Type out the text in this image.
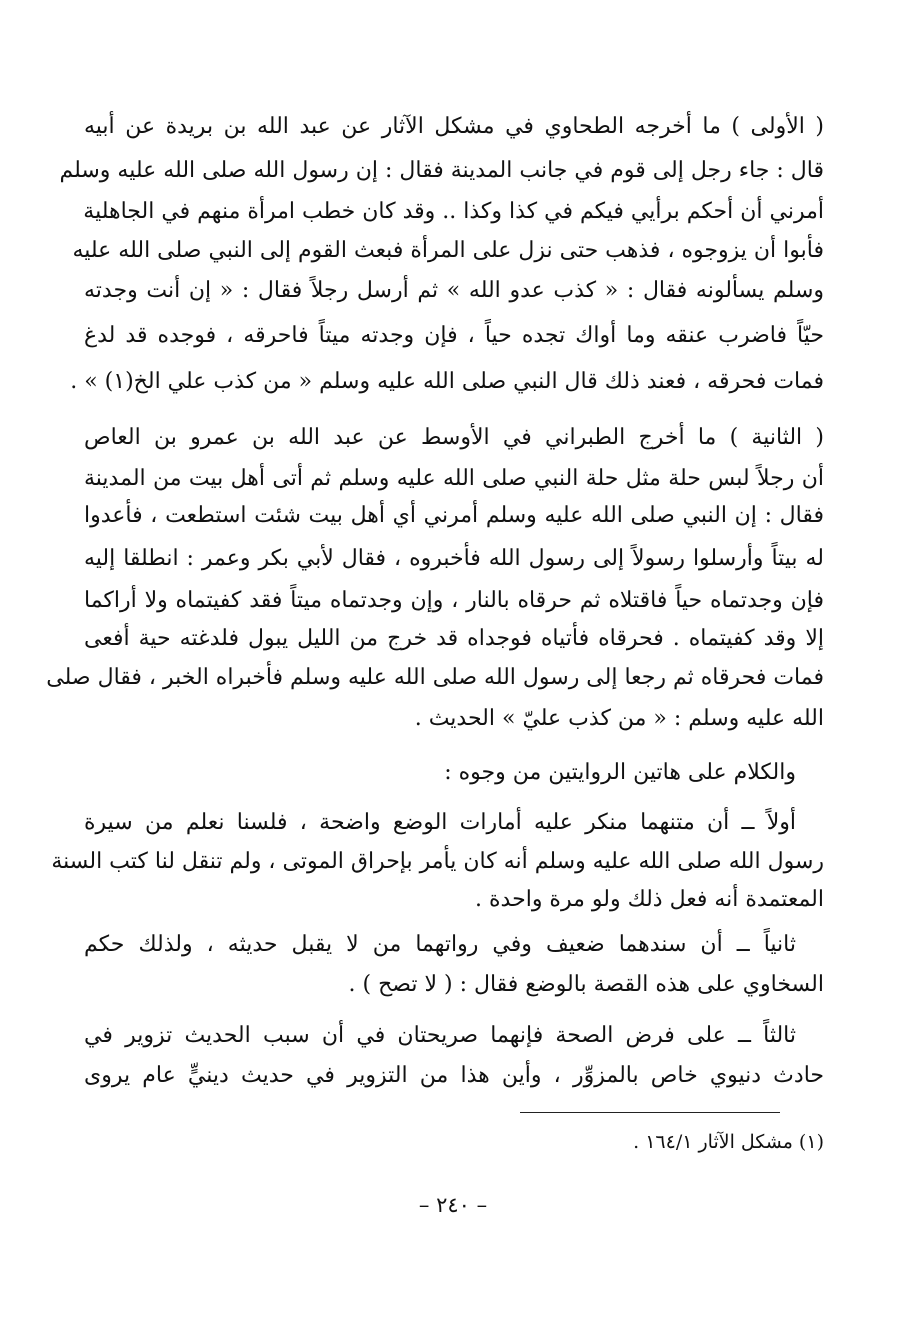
( الأولى ) ما أخرجه الطحاوي في مشكل الآثار عن عبد الله بن بريدة عن أبيه
قال : جاء رجل إلى قوم في جانب المدينة فقال : إن رسول الله صلى الله عليه وسلم
أمرني أن أحكم برأيي فيكم في كذا وكذا .. وقد كان خطب امرأة منهم في الجاهلية
فأبوا أن يزوجوه ، فذهب حتى نزل على المرأة فبعث القوم إلى النبي صلى الله عليه
وسلم يسألونه فقال : « كذب عدو الله » ثم أرسل رجلاً فقال : « إن أنت وجدته
حيّاً فاضرب عنقه وما أواك تجده حياً ، فإن وجدته ميتاً فاحرقه ، فوجده قد لدغ
فمات فحرقه ، فعند ذلك قال النبي صلى الله عليه وسلم « من كذب علي الخ(١) » .
( الثانية ) ما أخرج الطبراني في الأوسط عن عبد الله بن عمرو بن العاص
أن رجلاً لبس حلة مثل حلة النبي صلى الله عليه وسلم ثم أتى أهل بيت من المدينة
فقال : إن النبي صلى الله عليه وسلم أمرني أي أهل بيت شئت استطعت ، فأعدوا
له بيتاً وأرسلوا رسولاً إلى رسول الله فأخبروه ، فقال لأبي بكر وعمر : انطلقا إليه
فإن وجدتماه حياً فاقتلاه ثم حرقاه بالنار ، وإن وجدتماه ميتاً فقد كفيتماه ولا أراكما
إلا وقد كفيتماه . فحرقاه فأتياه فوجداه قد خرج من الليل يبول فلدغته حية أفعى
فمات فحرقاه ثم رجعا إلى رسول الله صلى الله عليه وسلم فأخبراه الخبر ، فقال صلى
الله عليه وسلم : « من كذب عليّ » الحديث .
والكلام على هاتين الروايتين من وجوه :
أولاً ــ أن متنهما منكر عليه أمارات الوضع واضحة ، فلسنا نعلم من سيرة
رسول الله صلى الله عليه وسلم أنه كان يأمر بإحراق الموتى ، ولم تنقل لنا كتب السنة
المعتمدة أنه فعل ذلك ولو مرة واحدة .
ثانياً ــ أن سندهما ضعيف وفي رواتهما من لا يقبل حديثه ، ولذلك حكم
السخاوي على هذه القصة بالوضع فقال : ( لا تصح ) .
ثالثاً ــ على فرض الصحة فإنهما صريحتان في أن سبب الحديث تزوير في
حادث دنيوي خاص بالمزوِّر ، وأين هذا من التزوير في حديث دينيٍّ عام يروى
(١) مشكل الآثار ١٦٤/١ .
– ٢٤٠ –
